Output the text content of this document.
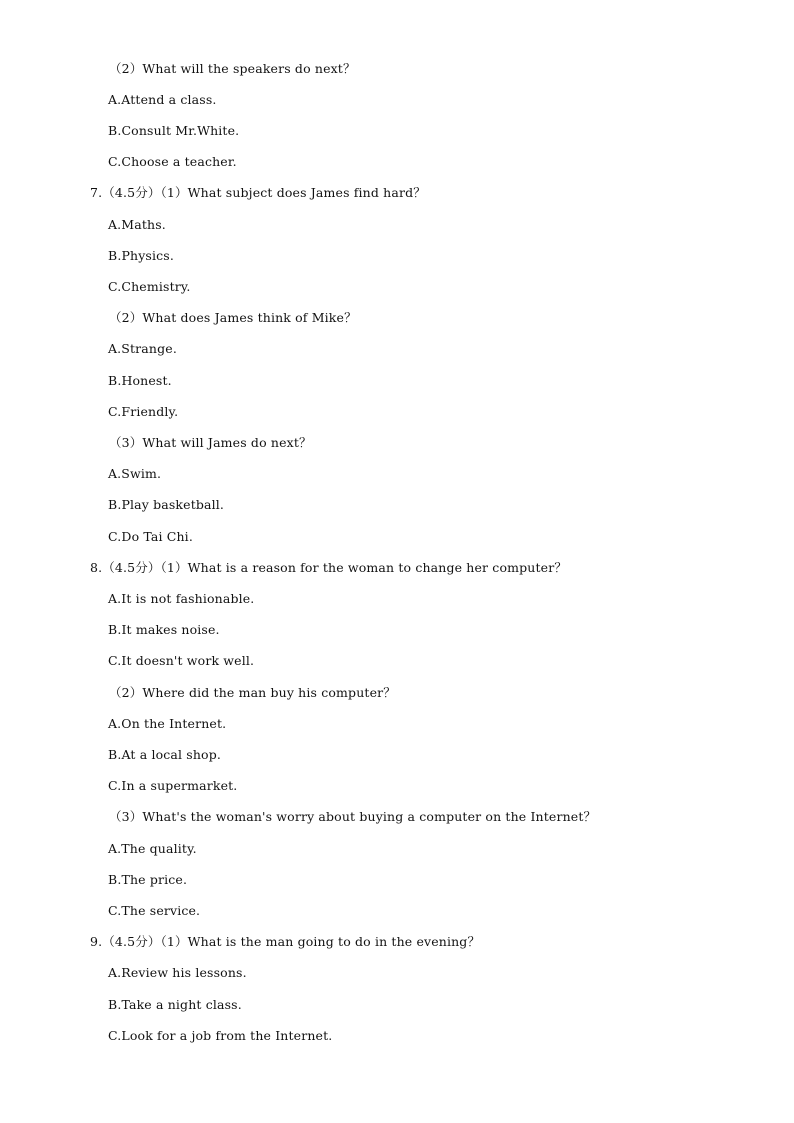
（2）What will the speakers do next？
A.Attend a class.
B.Consult Mr.White.
C.Choose a teacher.
7.（4.5分）（1）What subject does James find hard？
A.Maths.
B.Physics.
C.Chemistry.
（2）What does James think of Mike？
A.Strange.
B.Honest.
C.Friendly.
（3）What will James do next？
A.Swim.
B.Play basketball.
C.Do Tai Chi.
8.（4.5分）（1）What is a reason for the woman to change her computer？
A.It is not fashionable.
B.It makes noise.
C.It doesn't work well.
（2）Where did the man buy his computer？
A.On the Internet.
B.At a local shop.
C.In a supermarket.
（3）What's the woman's worry about buying a computer on the Internet？
A.The quality.
B.The price.
C.The service.
9.（4.5分）（1）What is the man going to do in the evening？
A.Review his lessons.
B.Take a night class.
C.Look for a job from the Internet.
